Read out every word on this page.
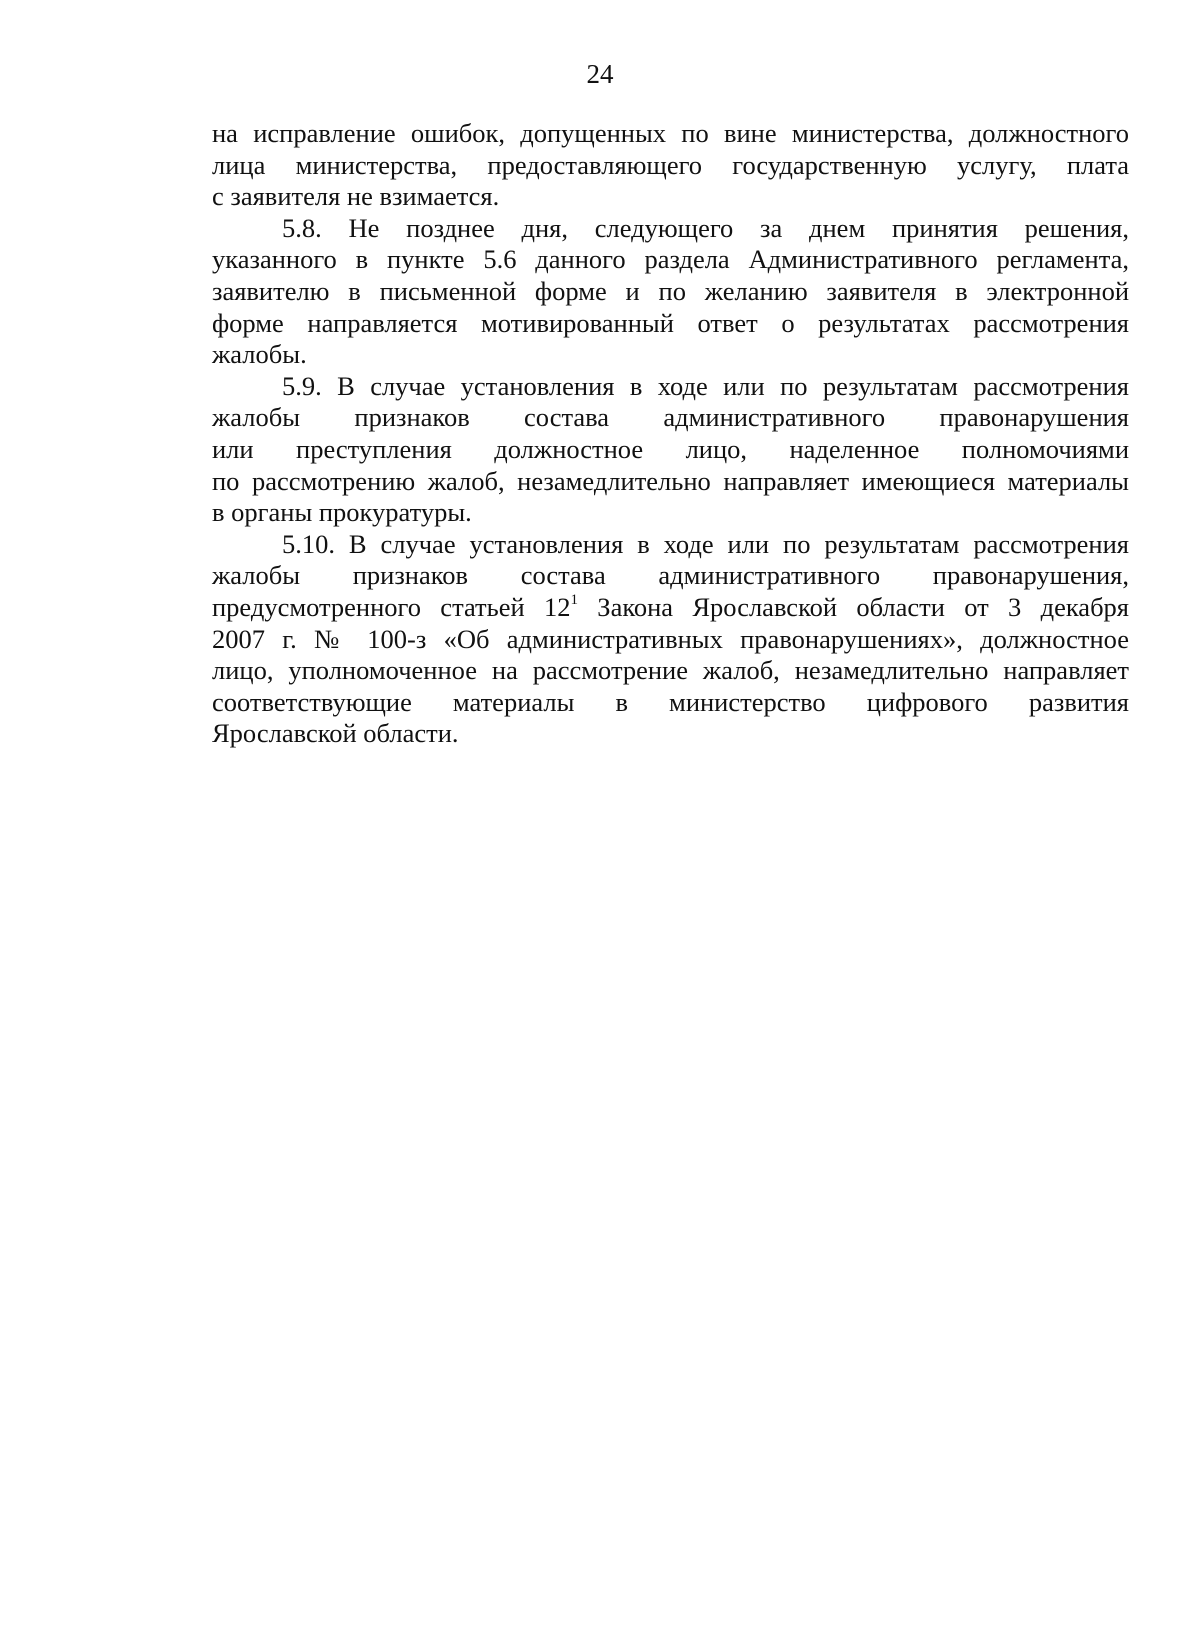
24
на исправление ошибок, допущенных по вине министерства, должностного
лица министерства, предоставляющего государственную услугу, плата
с заявителя не взимается.
5.8. Не позднее дня, следующего за днем принятия решения,
указанного в пункте 5.6 данного раздела Административного регламента,
заявителю в письменной форме и по желанию заявителя в электронной
форме направляется мотивированный ответ о результатах рассмотрения
жалобы.
5.9. В случае установления в ходе или по результатам рассмотрения
жалобы признаков состава административного правонарушения
или преступления должностное лицо, наделенное полномочиями
по рассмотрению жалоб, незамедлительно направляет имеющиеся материалы
в органы прокуратуры.
5.10. В случае установления в ходе или по результатам рассмотрения
жалобы признаков состава административного правонарушения,
предусмотренного статьей $12^1$ Закона Ярославской области от 3 декабря
2007 г. № 100-з «Об административных правонарушениях», должностное
лицо, уполномоченное на рассмотрение жалоб, незамедлительно направляет
соответствующие материалы в министерство цифрового развития
Ярославской области.
